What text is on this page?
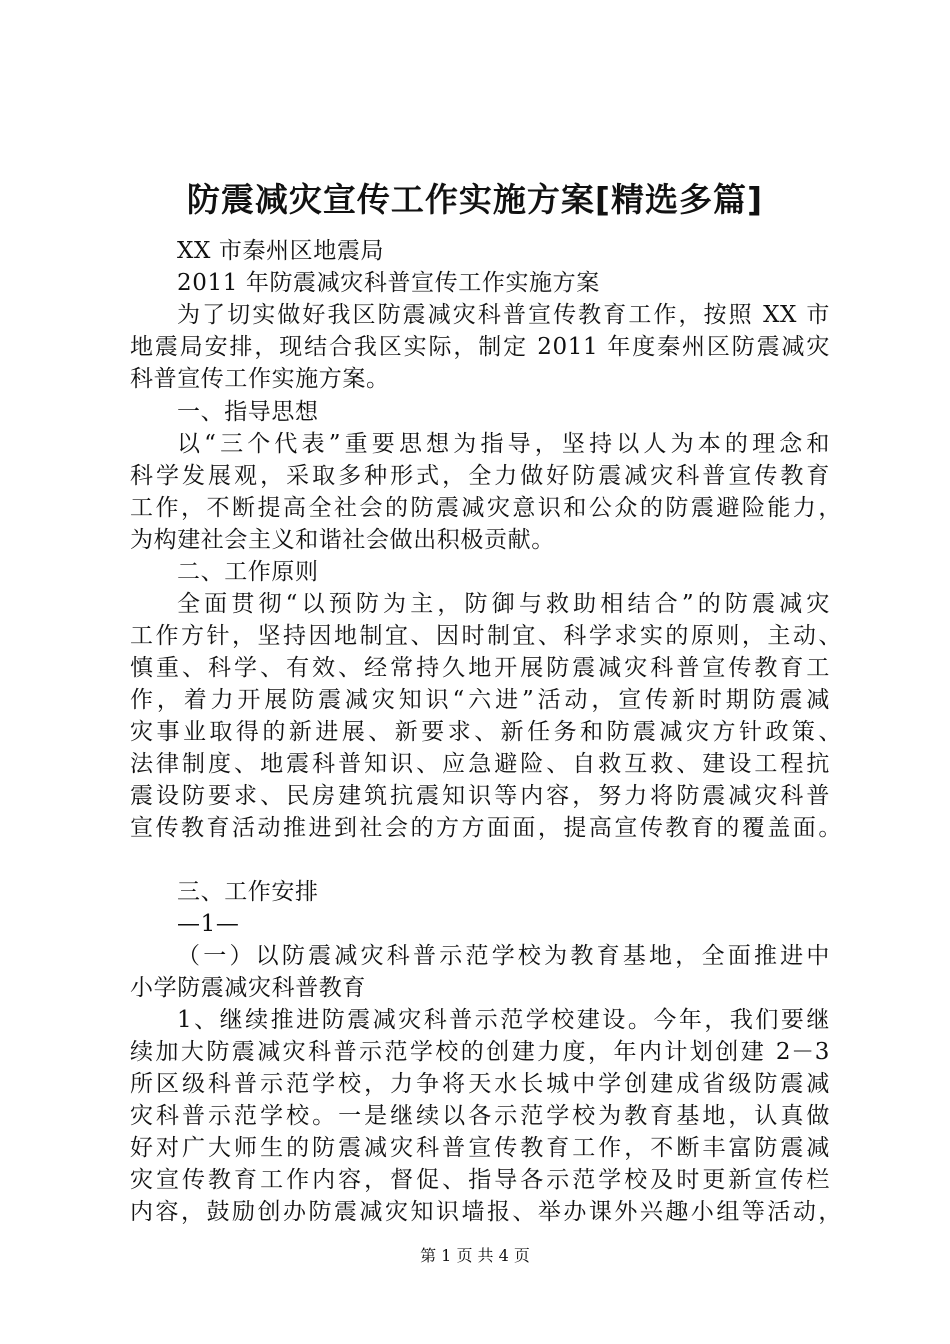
防震减灾宣传工作实施方案[精选多篇]
XX 市秦州区地震局
2011 年防震减灾科普宣传工作实施方案
为了切实做好我区防震减灾科普宣传教育工作，按照 XX 市
地震局安排，现结合我区实际，制定 2011 年度秦州区防震减灾
科普宣传工作实施方案。
一、指导思想
以“三个代表”重要思想为指导，坚持以人为本的理念和
科学发展观，采取多种形式，全力做好防震减灾科普宣传教育
工作，不断提高全社会的防震减灾意识和公众的防震避险能力，
为构建社会主义和谐社会做出积极贡献。
二、工作原则
全面贯彻“以预防为主，防御与救助相结合”的防震减灾
工作方针，坚持因地制宜、因时制宜、科学求实的原则，主动、
慎重、科学、有效、经常持久地开展防震减灾科普宣传教育工
作，着力开展防震减灾知识“六进”活动，宣传新时期防震减
灾事业取得的新进展、新要求、新任务和防震减灾方针政策、
法律制度、地震科普知识、应急避险、自救互救、建设工程抗
震设防要求、民房建筑抗震知识等内容，努力将防震减灾科普
宣传教育活动推进到社会的方方面面，提高宣传教育的覆盖面。
三、工作安排
—1—
（一）以防震减灾科普示范学校为教育基地，全面推进中
小学防震减灾科普教育
1、继续推进防震减灾科普示范学校建设。今年，我们要继
续加大防震减灾科普示范学校的创建力度，年内计划创建 2－3
所区级科普示范学校，力争将天水长城中学创建成省级防震减
灾科普示范学校。一是继续以各示范学校为教育基地，认真做
好对广大师生的防震减灾科普宣传教育工作，不断丰富防震减
灾宣传教育工作内容，督促、指导各示范学校及时更新宣传栏
内容，鼓励创办防震减灾知识墙报、举办课外兴趣小组等活动，
第 1 页 共 4 页
